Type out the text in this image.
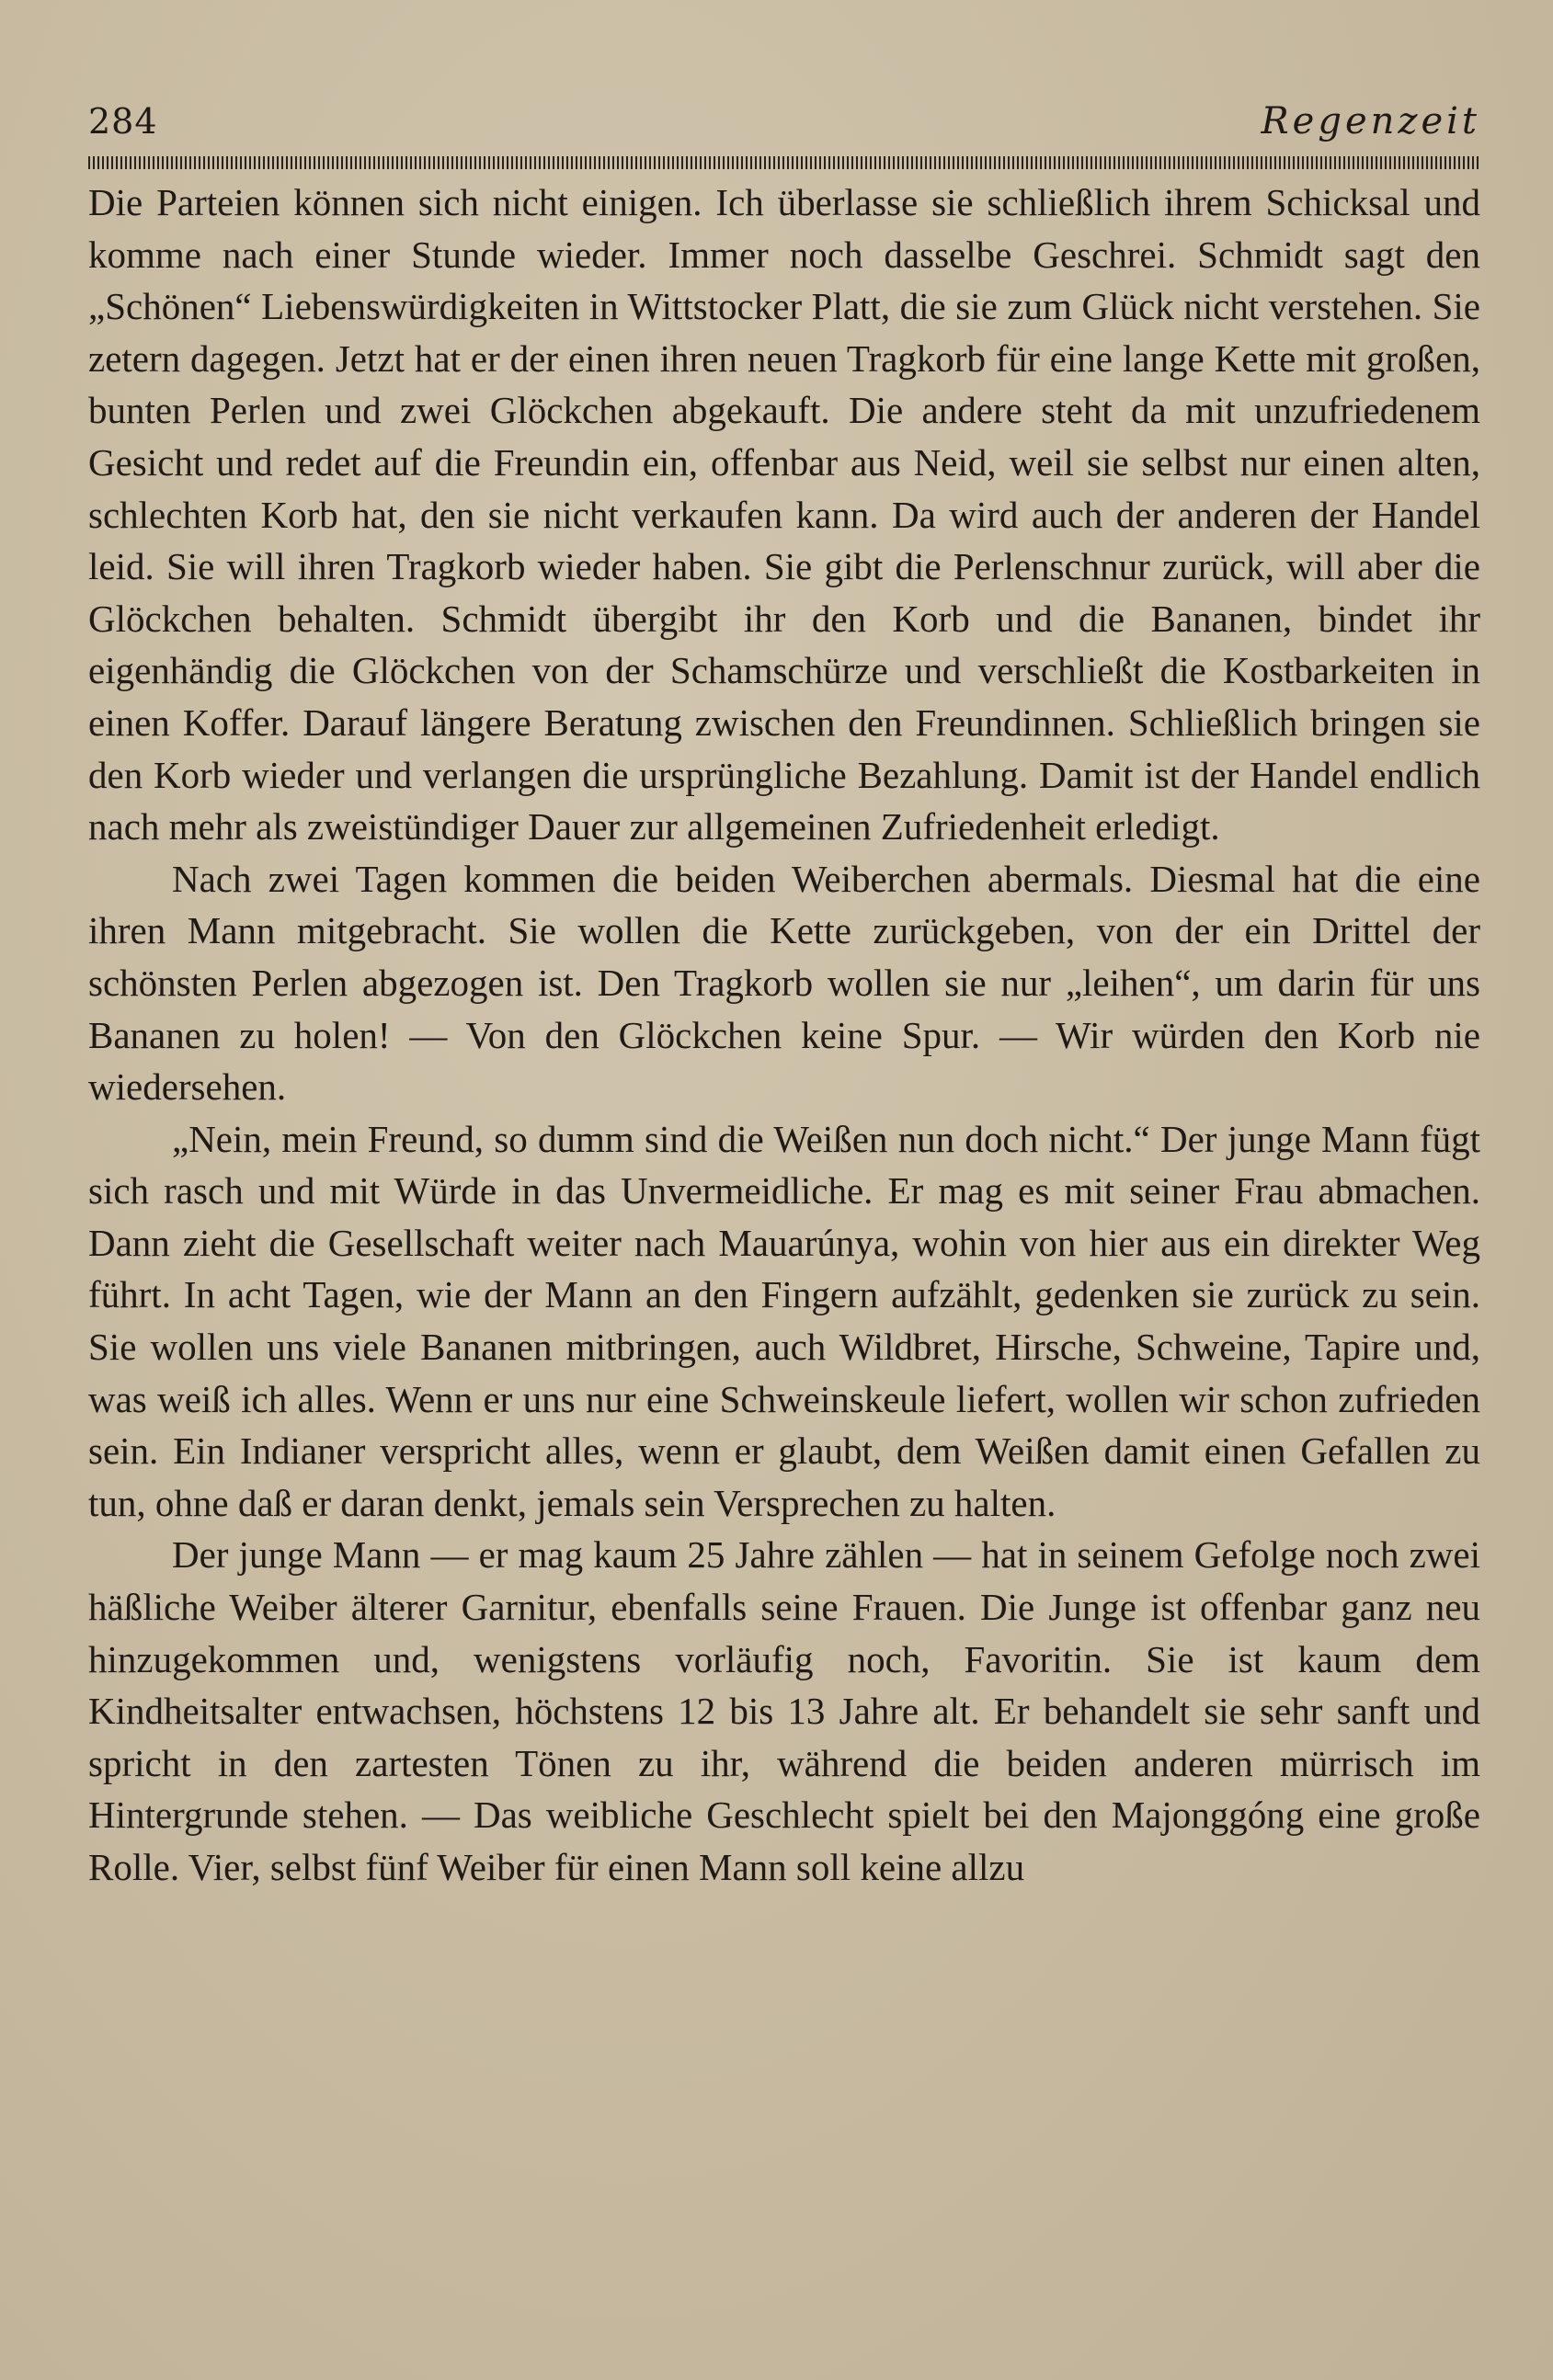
284	Regenzeit

Die Parteien können sich nicht einigen. Ich überlasse sie schließlich ihrem Schicksal und komme nach einer Stunde wieder. Immer noch dasselbe Geschrei. Schmidt sagt den „Schönen“ Liebenswürdigkeiten in Wittstocker Platt, die sie zum Glück nicht verstehen. Sie zetern dagegen. Jetzt hat er der einen ihren neuen Tragkorb für eine lange Kette mit großen, bunten Perlen und zwei Glöckchen abgekauft. Die andere steht da mit unzufriedenem Gesicht und redet auf die Freundin ein, offenbar aus Neid, weil sie selbst nur einen alten, schlechten Korb hat, den sie nicht verkaufen kann. Da wird auch der anderen der Handel leid. Sie will ihren Tragkorb wieder haben. Sie gibt die Perlenschnur zurück, will aber die Glöckchen behalten. Schmidt übergibt ihr den Korb und die Bananen, bindet ihr eigenhändig die Glöckchen von der Schamschürze und verschließt die Kostbarkeiten in einen Koffer. Darauf längere Beratung zwischen den Freundinnen. Schließlich bringen sie den Korb wieder und verlangen die ursprüngliche Bezahlung. Damit ist der Handel endlich nach mehr als zweistündiger Dauer zur allgemeinen Zufriedenheit erledigt.

Nach zwei Tagen kommen die beiden Weiberchen abermals. Diesmal hat die eine ihren Mann mitgebracht. Sie wollen die Kette zurückgeben, von der ein Drittel der schönsten Perlen abgezogen ist. Den Tragkorb wollen sie nur „leihen“, um darin für uns Bananen zu holen! — Von den Glöckchen keine Spur. — Wir würden den Korb nie wiedersehen.

„Nein, mein Freund, so dumm sind die Weißen nun doch nicht.“ Der junge Mann fügt sich rasch und mit Würde in das Unvermeidliche. Er mag es mit seiner Frau abmachen. Dann zieht die Gesellschaft weiter nach Mauarúnya, wohin von hier aus ein direkter Weg führt. In acht Tagen, wie der Mann an den Fingern aufzählt, gedenken sie zurück zu sein. Sie wollen uns viele Bananen mitbringen, auch Wildbret, Hirsche, Schweine, Tapire und, was weiß ich alles. Wenn er uns nur eine Schweinskeule liefert, wollen wir schon zufrieden sein. Ein Indianer verspricht alles, wenn er glaubt, dem Weißen damit einen Gefallen zu tun, ohne daß er daran denkt, jemals sein Versprechen zu halten.

Der junge Mann — er mag kaum 25 Jahre zählen — hat in seinem Gefolge noch zwei häßliche Weiber älterer Garnitur, ebenfalls seine Frauen. Die Junge ist offenbar ganz neu hinzugekommen und, wenigstens vorläufig noch, Favoritin. Sie ist kaum dem Kindheitsalter entwachsen, höchstens 12 bis 13 Jahre alt. Er behandelt sie sehr sanft und spricht in den zartesten Tönen zu ihr, während die beiden anderen mürrisch im Hintergrunde stehen. — Das weibliche Geschlecht spielt bei den Majonggóng eine große Rolle. Vier, selbst fünf Weiber für einen Mann soll keine allzu
